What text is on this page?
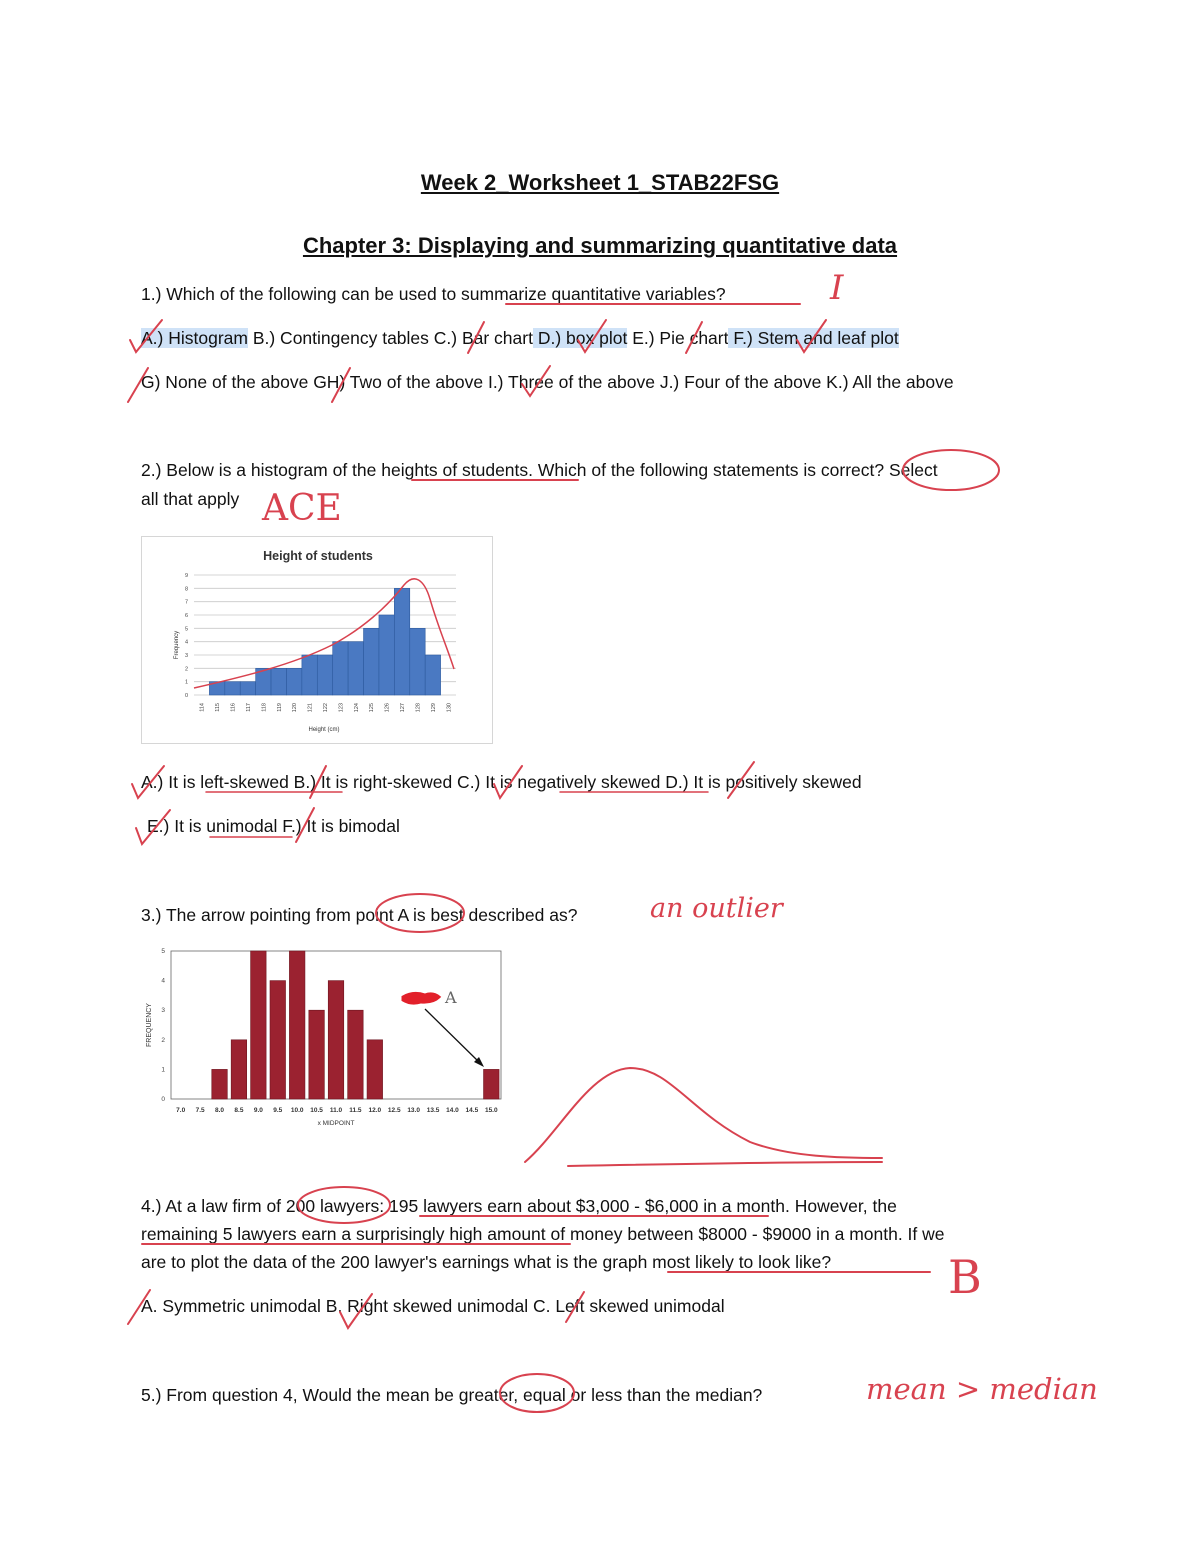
Week 2_Worksheet 1_STAB22FSG
Chapter 3: Displaying and summarizing quantitative data
1.) Which of the following can be used to summarize quantitative variables?	I
A.) Histogram B.) Contingency tables C.) Bar chart D.) box plot E.) Pie chart F.) Stem and leaf plot
G) None of the above GH) Two of the above I.) Three of the above J.) Four of the above K.) All the above
2.) Below is a histogram of the heights of students. Which of the following statements is correct? Select
all that apply ACE
Height of students
Frequency
Height (cm)
0
1
2
3
4
5
6
7
8
9
114 115 116 117 118 119 120 121 122 123 124 125 126 127 128 129 130
A.) It is left-skewed B.) It is right-skewed C.) It is negatively skewed D.) It is positively skewed
E.) It is unimodal F.) It is bimodal
3.) The arrow pointing from point A is best described as?	an outlier
FREQUENCY
x MIDPOINT
0
1
2
3
4
5
7.0 7.5 8.0 8.5 9.0 9.5 10.0 10.5 11.0 11.5 12.0 12.5 13.0 13.5 14.0 14.5 15.0
A
4.) At a law firm of 200 lawyers: 195 lawyers earn about $3,000 - $6,000 in a month. However, the
remaining 5 lawyers earn a surprisingly high amount of money between $8000 - $9000 in a month. If we
are to plot the data of the 200 lawyer's earnings what is the graph most likely to look like?	B
A. Symmetric unimodal B. Right skewed unimodal C. Left skewed unimodal
5.) From question 4, Would the mean be greater, equal or less than the median?	mean > median
